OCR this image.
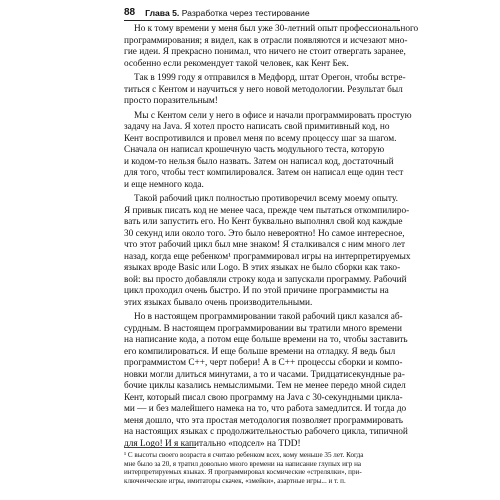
88 Глава 5. Разработка через тестирование

Но к тому времени у меня был уже 30-летний опыт профессионального
программирования; я видел, как в отрасли появляются и исчезают мно-
гие идеи. Я прекрасно понимал, что ничего не стоит отвергать заранее,
особенно если рекомендует такой человек, как Кент Бек.

Так в 1999 году я отправился в Медфорд, штат Орегон, чтобы встре-
титься с Кентом и научиться у него новой методологии. Результат был
просто поразительным!

Мы с Кентом сели у него в офисе и начали программировать простую
задачу на Java. Я хотел просто написать свой примитивный код, но
Кент воспротивился и провел меня по всему процессу шаг за шагом.
Сначала он написал крошечную часть модульного теста, которую
и кодом-то нельзя было назвать. Затем он написал код, достаточный
для того, чтобы тест компилировался. Затем он написал еще один тест
и еще немного кода.

Такой рабочий цикл полностью противоречил всему моему опыту.
Я привык писать код не менее часа, прежде чем пытаться откомпилиро-
вать или запустить его. Но Кент буквально выполнял свой код каждые
30 секунд или около того. Это было невероятно! Но самое интересное,
что этот рабочий цикл был мне знаком! Я сталкивался с ним много лет
назад, когда еще ребенком¹ программировал игры на интерпретируемых
языках вроде Basic или Logo. В этих языках не было сборки как тако-
вой: вы просто добавляли строку кода и запускали программу. Рабочий
цикл проходил очень быстро. И по этой причине программисты на
этих языках бывало очень производительными.

Но в настоящем программировании такой рабочий цикл казался аб-
сурдным. В настоящем программировании вы тратили много времени
на написание кода, а потом еще больше времени на то, чтобы заставить
его компилироваться. И еще больше времени на отладку. Я ведь был
программистом C++, черт побери! А в C++ процессы сборки и компо-
новки могли длиться минутами, а то и часами. Тридцатисекундные ра-
бочие циклы казались немыслимыми. Тем не менее передо мной сидел
Кент, который писал свою программу на Java с 30-секундными цикла-
ми — и без малейшего намека на то, что работа замедлится. И тогда до
меня дошло, что эта простая методология позволяет программировать
на настоящих языках с продолжительностью рабочего цикла, типичной
для Logo! И я капитально «подсел» на TDD!

¹ С высоты своего возраста я считаю ребенком всех, кому меньше 35 лет. Когда
мне было за 20, я тратил довольно много времени на написание глупых игр на
интерпретируемых языках. Я программировал космические «стрелялки», при-
ключенческие игры, имитаторы скачек, «змейки», азартные игры... и т. п.
